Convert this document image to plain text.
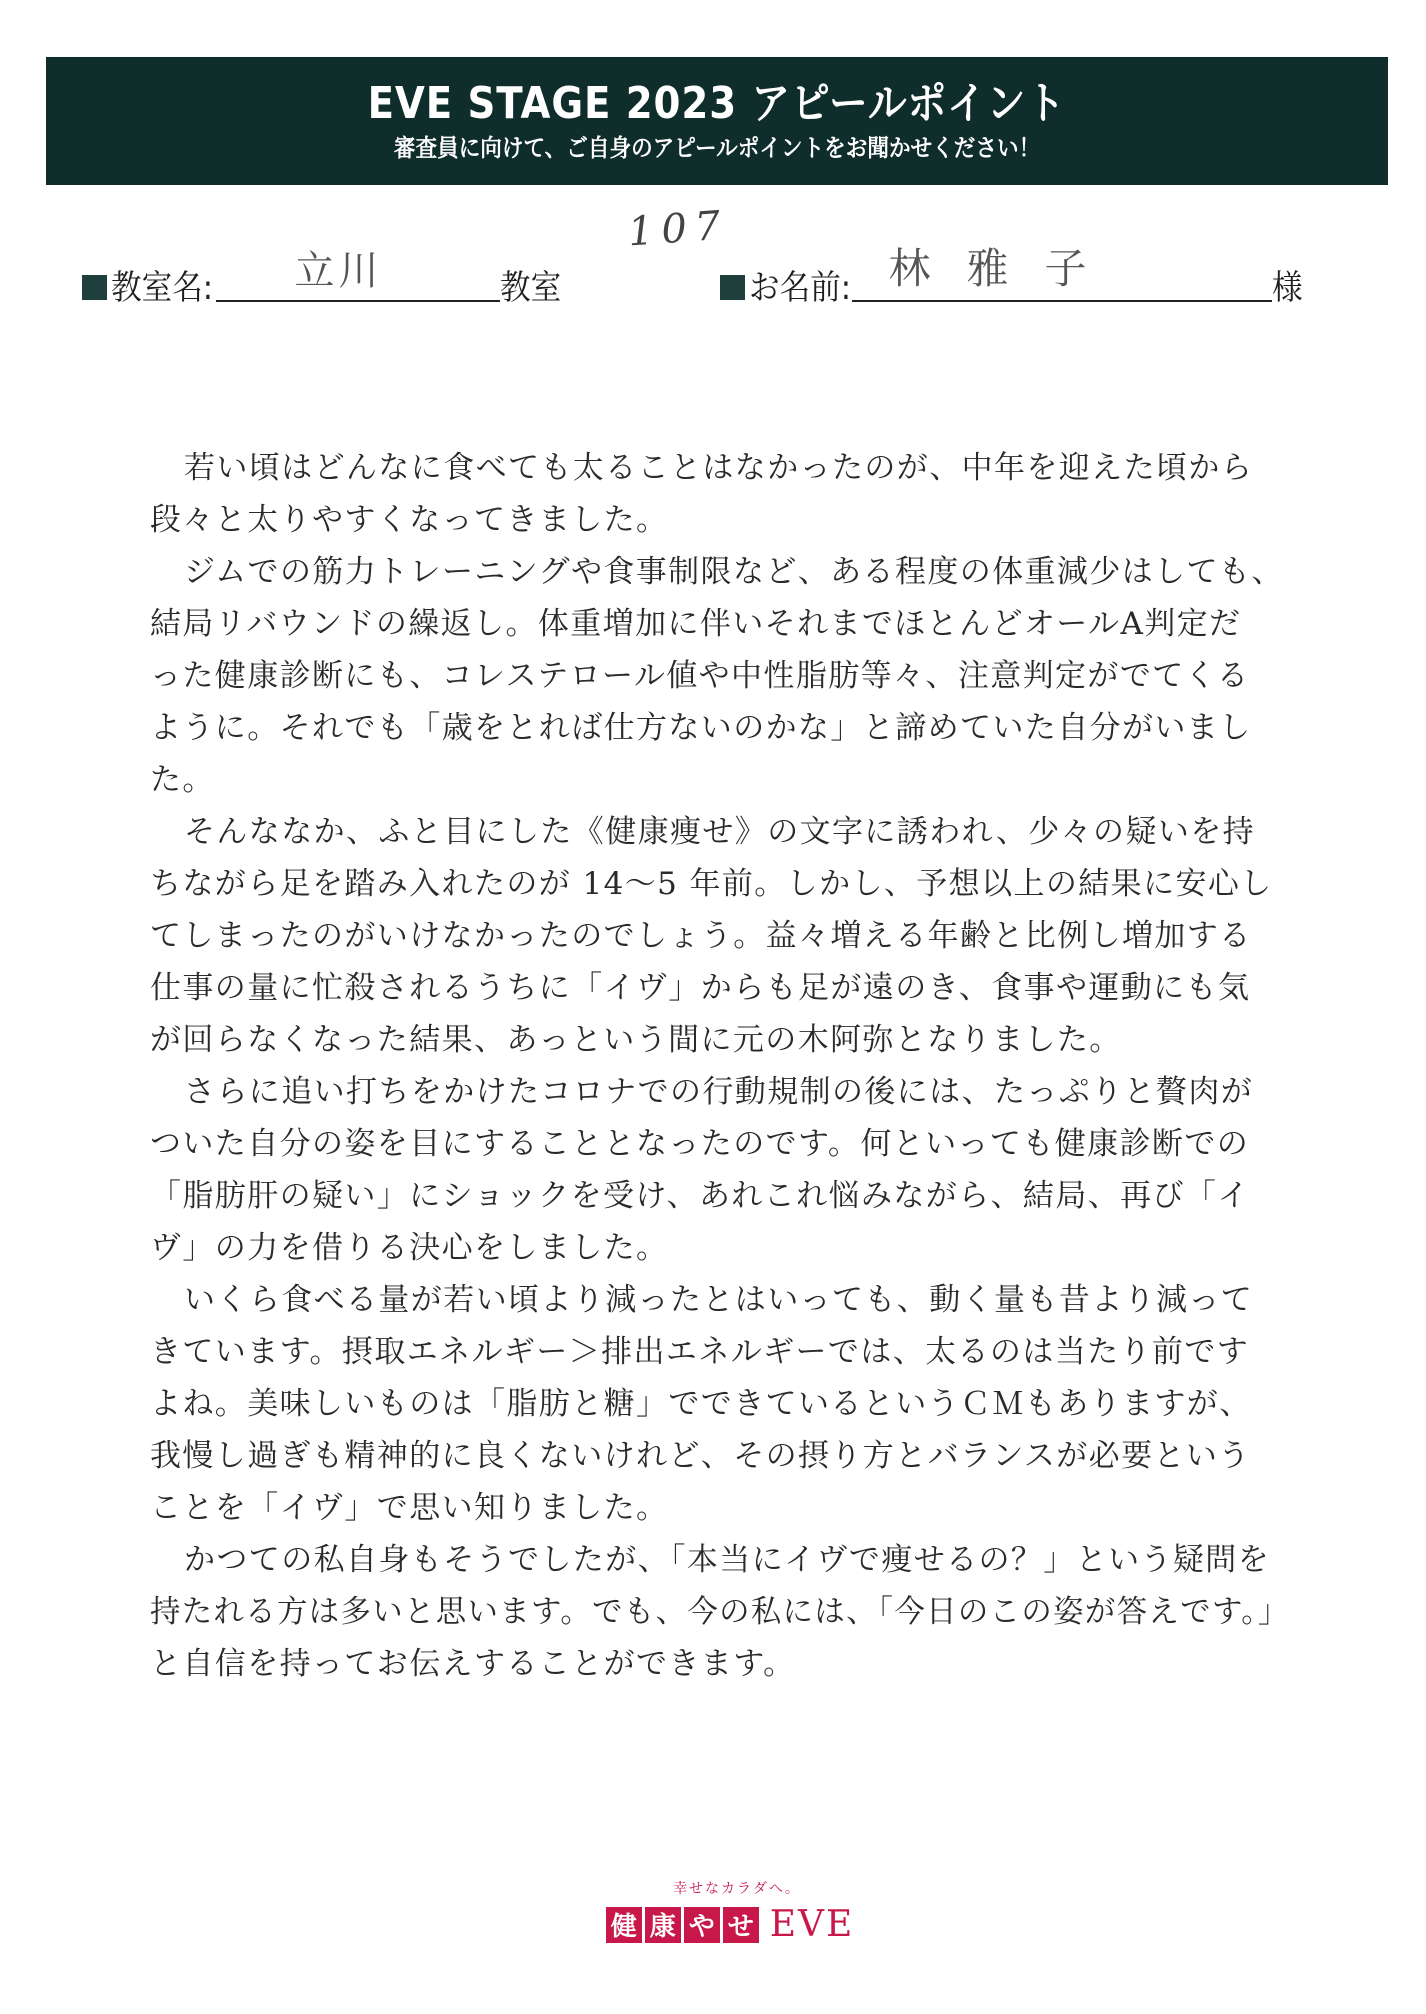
EVE STAGE 2023 アピールポイント
審査員に向けて、ご自身のアピールポイントをお聞かせください！
107
教室名: 立川	教室	お名前: 林雅子	様
若い頃はどんなに食べても太ることはなかったのが、中年を迎えた頃から
段々と太りやすくなってきました。
ジムでの筋力トレーニングや食事制限など、ある程度の体重減少はしても、
結局リバウンドの繰返し。体重増加に伴いそれまでほとんどオールA判定だ
った健康診断にも、コレステロール値や中性脂肪等々、注意判定がでてくる
ように。それでも「歳をとれば仕方ないのかな」と諦めていた自分がいまし
た。
そんななか、ふと目にした《健康痩せ》の文字に誘われ、少々の疑いを持
ちながら足を踏み入れたのが 14～5 年前。しかし、予想以上の結果に安心し
てしまったのがいけなかったのでしょう。益々増える年齢と比例し増加する
仕事の量に忙殺されるうちに「イヴ」からも足が遠のき、食事や運動にも気
が回らなくなった結果、あっという間に元の木阿弥となりました。
さらに追い打ちをかけたコロナでの行動規制の後には、たっぷりと贅肉が
ついた自分の姿を目にすることとなったのです。何といっても健康診断での
「脂肪肝の疑い」にショックを受け、あれこれ悩みながら、結局、再び「イ
ヴ」の力を借りる決心をしました。
いくら食べる量が若い頃より減ったとはいっても、動く量も昔より減って
きています。摂取エネルギー＞排出エネルギーでは、太るのは当たり前です
よね。美味しいものは「脂肪と糖」でできているというＣＭもありますが、
我慢し過ぎも精神的に良くないけれど、その摂り方とバランスが必要という
ことを「イヴ」で思い知りました。
かつての私自身もそうでしたが、「本当にイヴで痩せるの？」という疑問を
持たれる方は多いと思います。でも、今の私には、「今日のこの姿が答えです。」
と自信を持ってお伝えすることができます。
幸せなカラダへ。
健 康 や せ EVE
